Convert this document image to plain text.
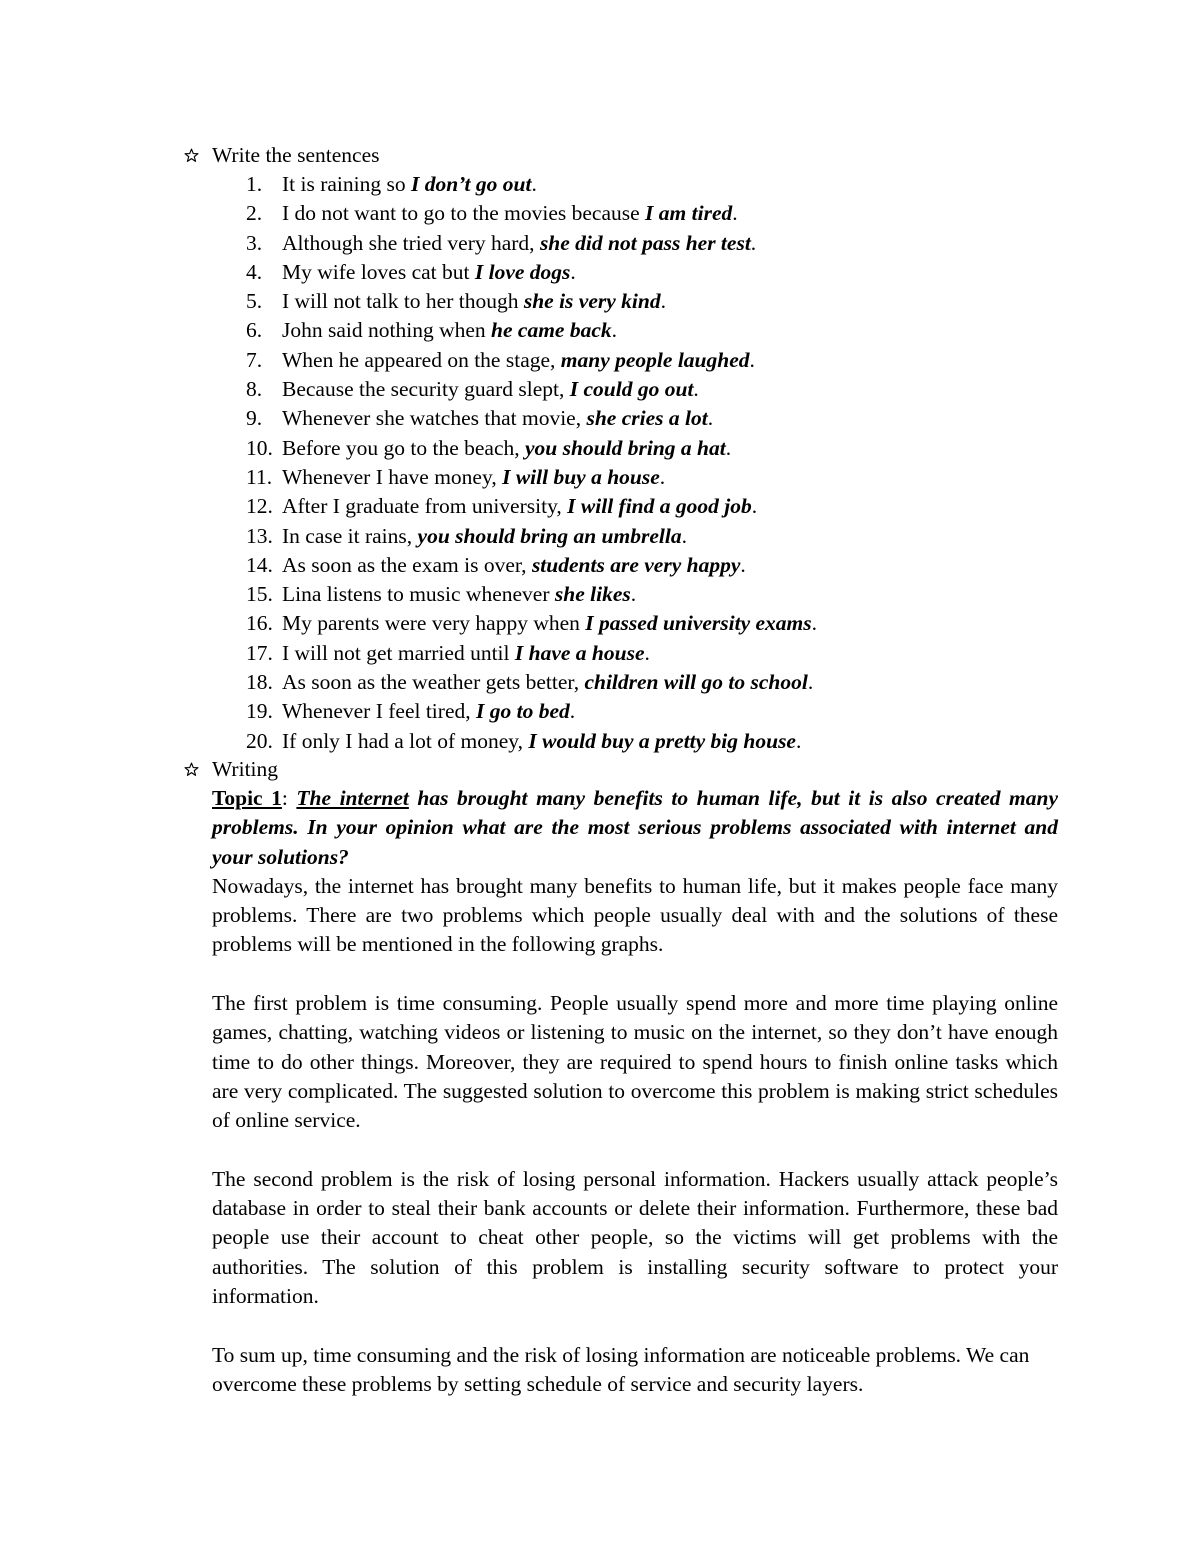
Write the sentences
1. It is raining so I don’t go out.
2. I do not want to go to the movies because I am tired.
3. Although she tried very hard, she did not pass her test.
4. My wife loves cat but I love dogs.
5. I will not talk to her though she is very kind.
6. John said nothing when he came back.
7. When he appeared on the stage, many people laughed.
8. Because the security guard slept, I could go out.
9. Whenever she watches that movie, she cries a lot.
10. Before you go to the beach, you should bring a hat.
11. Whenever I have money, I will buy a house.
12. After I graduate from university, I will find a good job.
13. In case it rains, you should bring an umbrella.
14. As soon as the exam is over, students are very happy.
15. Lina listens to music whenever she likes.
16. My parents were very happy when I passed university exams.
17. I will not get married until I have a house.
18. As soon as the weather gets better, children will go to school.
19. Whenever I feel tired, I go to bed.
20. If only I had a lot of money, I would buy a pretty big house.
Writing

Topic 1: The internet has brought many benefits to human life, but it is also created many problems. In your opinion what are the most serious problems associated with internet and your solutions?

Nowadays, the internet has brought many benefits to human life, but it makes people face many problems. There are two problems which people usually deal with and the solutions of these problems will be mentioned in the following graphs.

The first problem is time consuming. People usually spend more and more time playing online games, chatting, watching videos or listening to music on the internet, so they don’t have enough time to do other things. Moreover, they are required to spend hours to finish online tasks which are very complicated. The suggested solution to overcome this problem is making strict schedules of online service.

The second problem is the risk of losing personal information. Hackers usually attack people’s database in order to steal their bank accounts or delete their information. Furthermore, these bad people use their account to cheat other people, so the victims will get problems with the authorities. The solution of this problem is installing security software to protect your information.

To sum up, time consuming and the risk of losing information are noticeable problems. We can overcome these problems by setting schedule of service and security layers.
